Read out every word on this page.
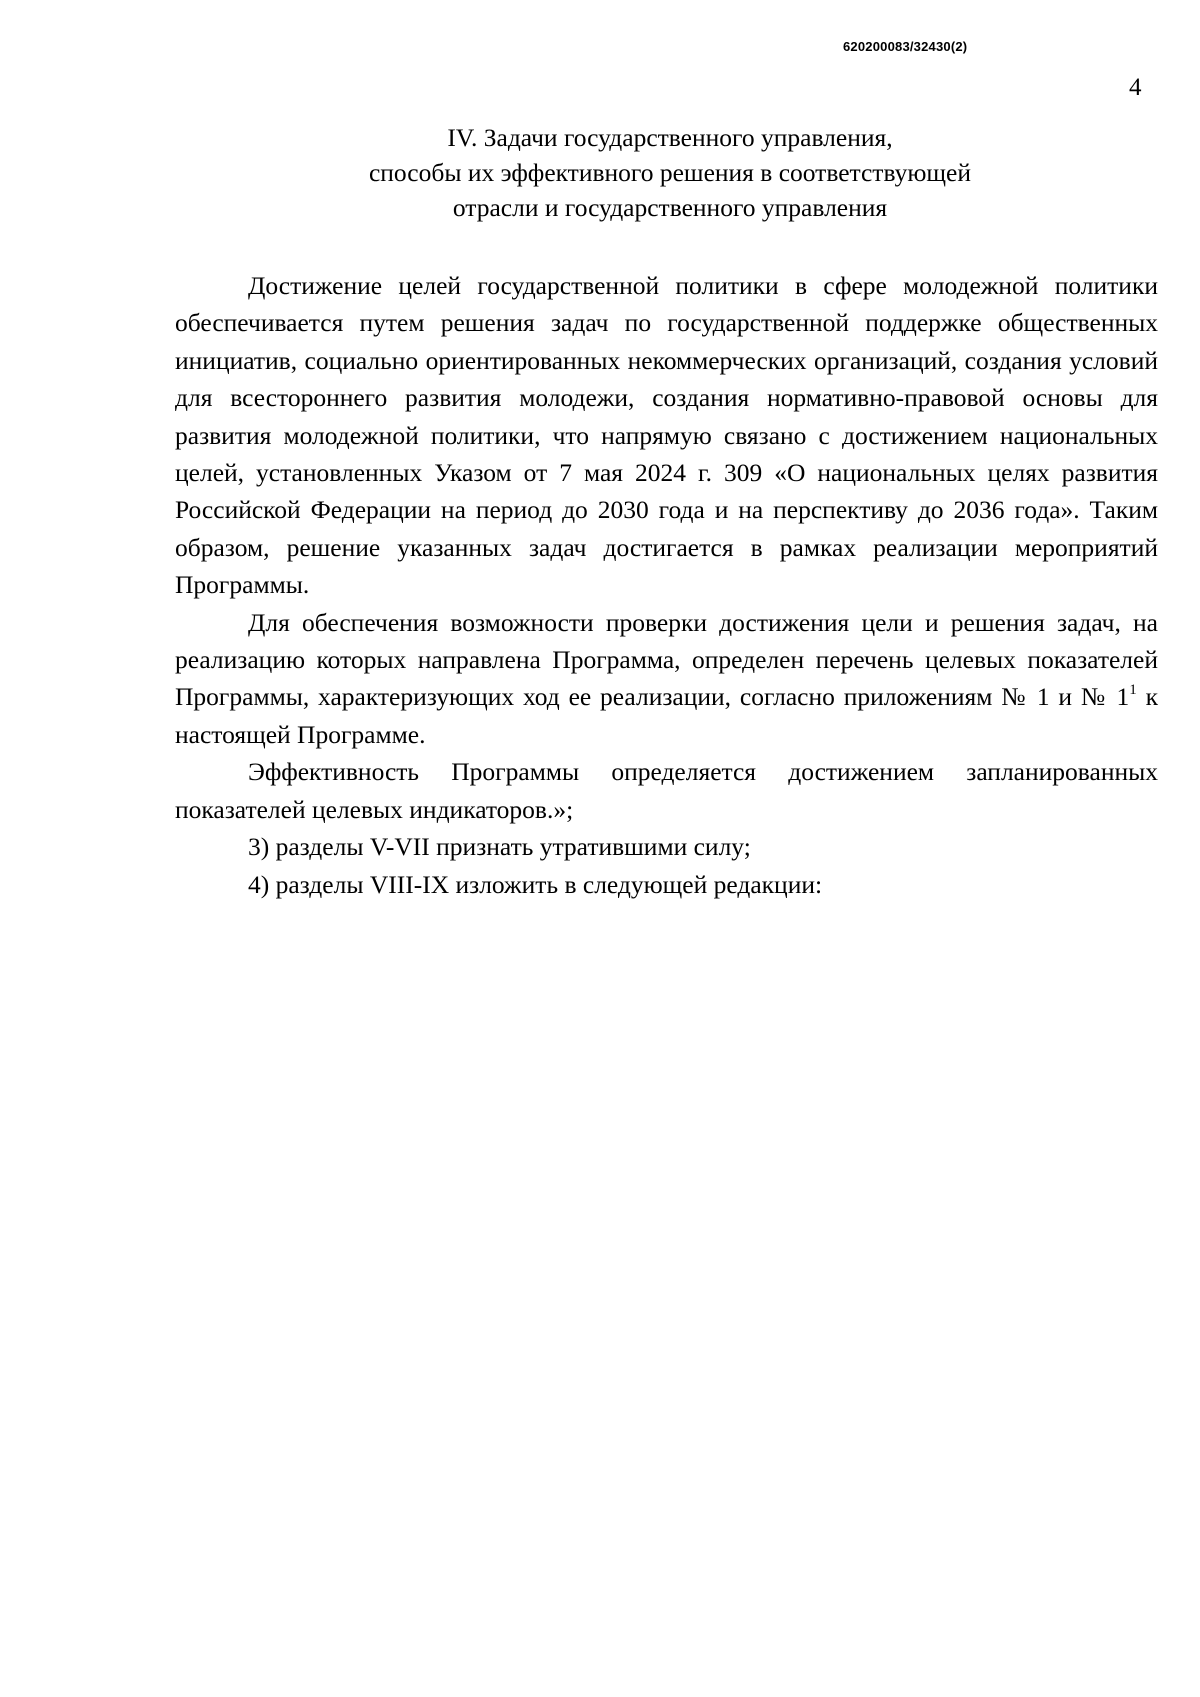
620200083/32430(2)
4
IV. Задачи государственного управления,
способы их эффективного решения в соответствующей
отрасли и государственного управления

Достижение целей государственной политики в сфере молодежной политики обеспечивается путем решения задач по государственной поддержке общественных инициатив, социально ориентированных некоммерческих организаций, создания условий для всестороннего развития молодежи, создания нормативно-правовой основы для развития молодежной политики, что напрямую связано с достижением национальных целей, установленных Указом от 7 мая 2024 г. 309 «О национальных целях развития Российской Федерации на период до 2030 года и на перспективу до 2036 года». Таким образом, решение указанных задач достигается в рамках реализации мероприятий Программы.

Для обеспечения возможности проверки достижения цели и решения задач, на реализацию которых направлена Программа, определен перечень целевых показателей Программы, характеризующих ход ее реализации, согласно приложениям № 1 и № $1^1$ к настоящей Программе.

Эффективность Программы определяется достижением запланированных показателей целевых индикаторов.»;

3) разделы V-VII признать утратившими силу;

4) разделы VIII-IX изложить в следующей редакции:
